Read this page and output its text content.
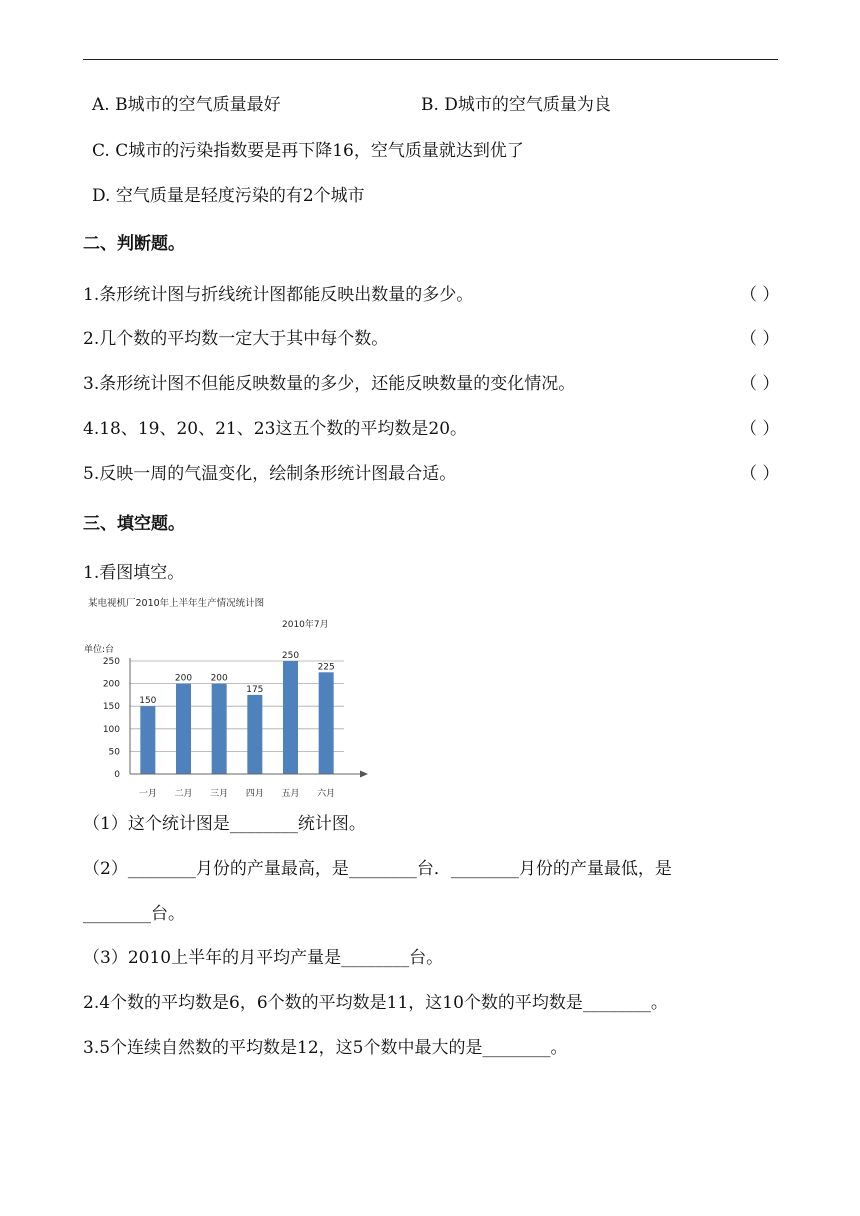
A. B城市的空气质量最好	B. D城市的空气质量为良
C. C城市的污染指数要是再下降16，空气质量就达到优了
D. 空气质量是轻度污染的有2个城市
二、判断题。
1.条形统计图与折线统计图都能反映出数量的多少。	（ ）
2.几个数的平均数一定大于其中每个数。	（ ）
3.条形统计图不但能反映数量的多少，还能反映数量的变化情况。	（ ）
4.18、19、20、21、23这五个数的平均数是20。	（ ）
5.反映一周的气温变化，绘制条形统计图最合适。	（ ）
三、填空题。
1.看图填空。
某电视机厂2010年上半年生产情况统计图
2010年7月
单位:台
0
50
100
150
200
250
150
200 200
175
250
225
一月 二月 三月 四月 五月 六月
（1）这个统计图是________统计图。
（2）________月份的产量最高，是________台．________月份的产量最低，是
________台。
（3）2010上半年的月平均产量是________台。
2.4个数的平均数是6，6个数的平均数是11，这10个数的平均数是________。
3.5个连续自然数的平均数是12，这5个数中最大的是________。
